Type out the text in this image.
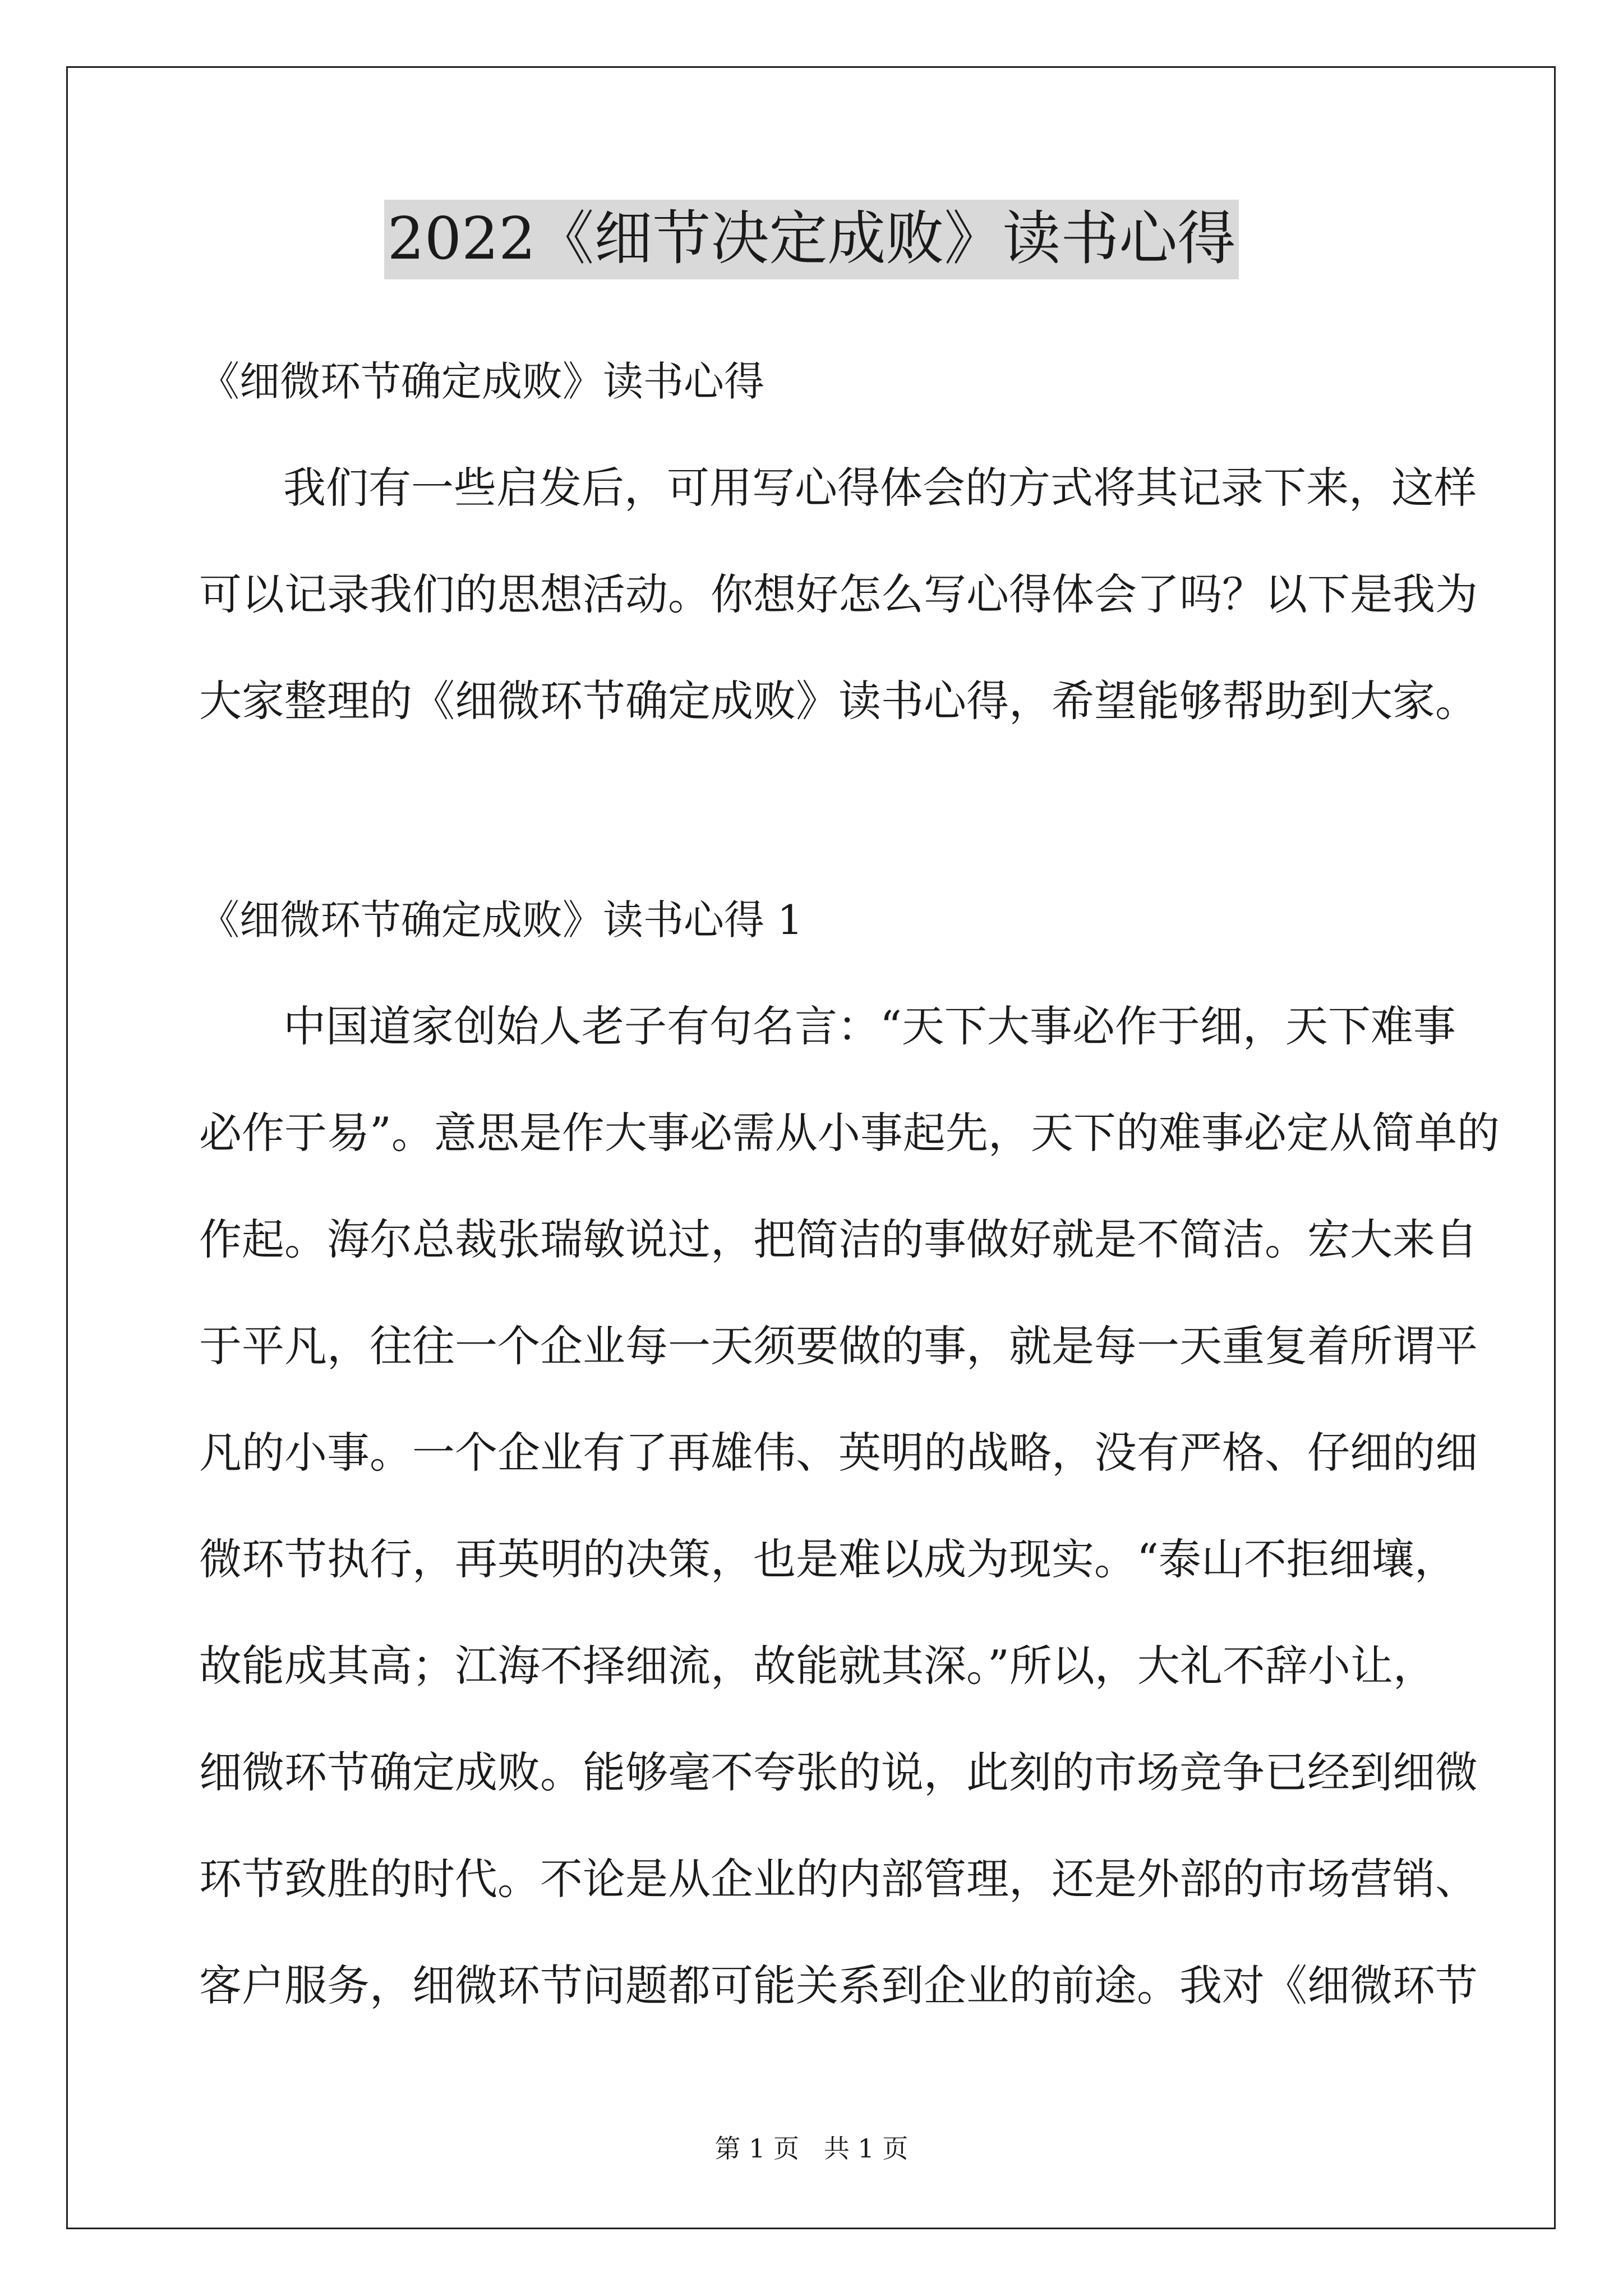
2022《细节决定成败》读书心得
《细微环节确定成败》读书心得
我们有一些启发后，可用写心得体会的方式将其记录下来，这样
可以记录我们的思想活动。你想好怎么写心得体会了吗？以下是我为
大家整理的《细微环节确定成败》读书心得，希望能够帮助到大家。
《细微环节确定成败》读书心得 1
中国道家创始人老子有句名言：“天下大事必作于细，天下难事
必作于易”。意思是作大事必需从小事起先，天下的难事必定从简单的
作起。海尔总裁张瑞敏说过，把简洁的事做好就是不简洁。宏大来自
于平凡，往往一个企业每一天须要做的事，就是每一天重复着所谓平
凡的小事。一个企业有了再雄伟、英明的战略，没有严格、仔细的细
微环节执行，再英明的决策，也是难以成为现实。“泰山不拒细壤，
故能成其高；江海不择细流，故能就其深。”所以，大礼不辞小让，
细微环节确定成败。能够毫不夸张的说，此刻的市场竞争已经到细微
环节致胜的时代。不论是从企业的内部管理，还是外部的市场营销、
客户服务，细微环节问题都可能关系到企业的前途。我对《细微环节
第 1 页   共 1 页
